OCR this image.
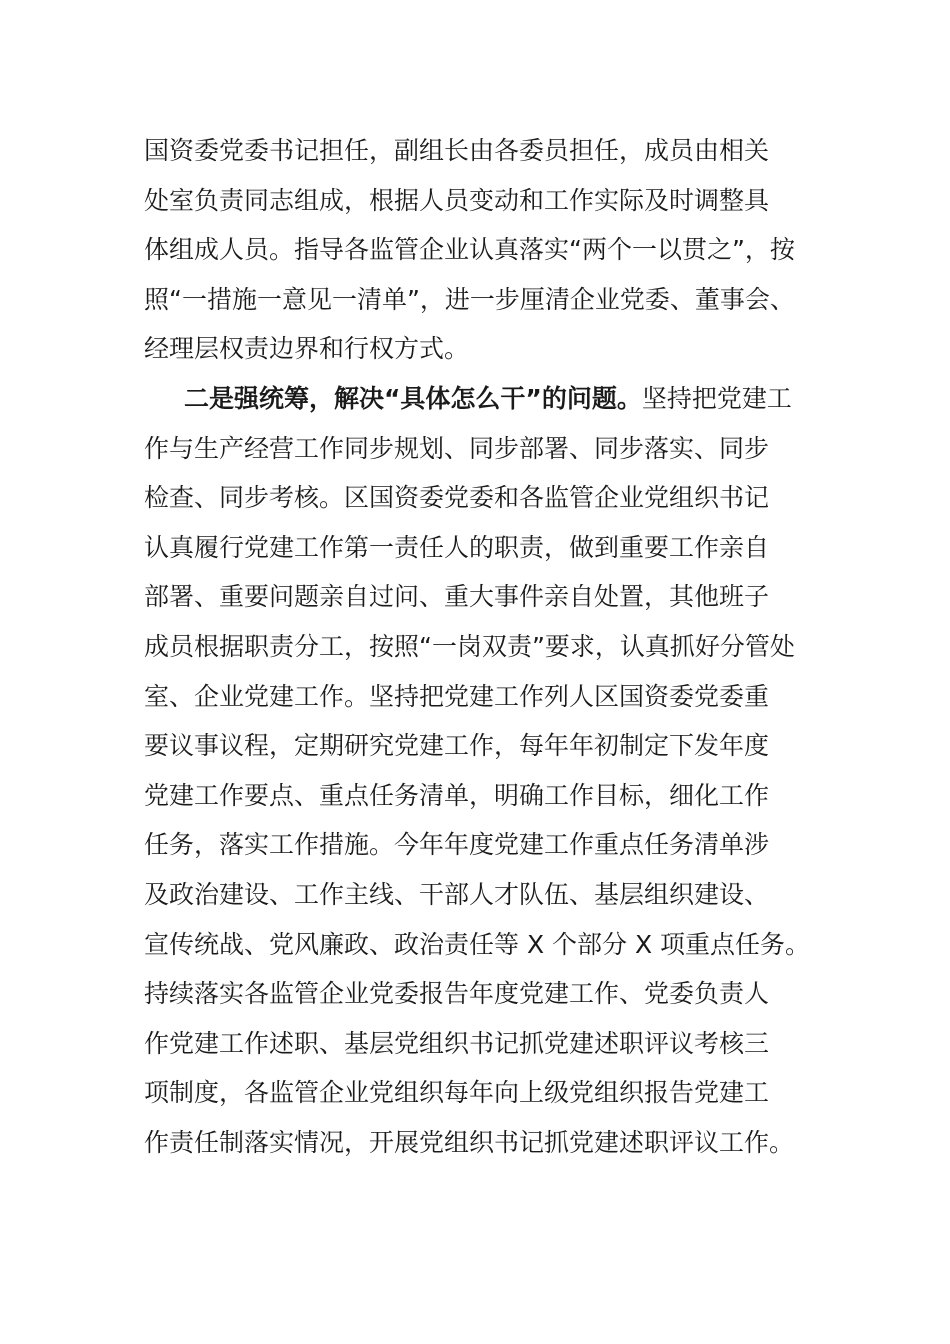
国资委党委书记担任，副组长由各委员担任，成员由相关
处室负责同志组成，根据人员变动和工作实际及时调整具
体组成人员。指导各监管企业认真落实“两个一以贯之”，按
照“一措施一意见一清单”，进一步厘清企业党委、董事会、
经理层权责边界和行权方式。
二是强统筹，解决“具体怎么干”的问题。坚持把党建工
作与生产经营工作同步规划、同步部署、同步落实、同步
检查、同步考核。区国资委党委和各监管企业党组织书记
认真履行党建工作第一责任人的职责，做到重要工作亲自
部署、重要问题亲自过问、重大事件亲自处置，其他班子
成员根据职责分工，按照“一岗双责”要求，认真抓好分管处
室、企业党建工作。坚持把党建工作列人区国资委党委重
要议事议程，定期研究党建工作，每年年初制定下发年度
党建工作要点、重点任务清单，明确工作目标，细化工作
任务，落实工作措施。今年年度党建工作重点任务清单涉
及政治建设、工作主线、干部人才队伍、基层组织建设、
宣传统战、党风廉政、政治责任等 X 个部分 X 项重点任务。
持续落实各监管企业党委报告年度党建工作、党委负责人
作党建工作述职、基层党组织书记抓党建述职评议考核三
项制度，各监管企业党组织每年向上级党组织报告党建工
作责任制落实情况，开展党组织书记抓党建述职评议工作。
